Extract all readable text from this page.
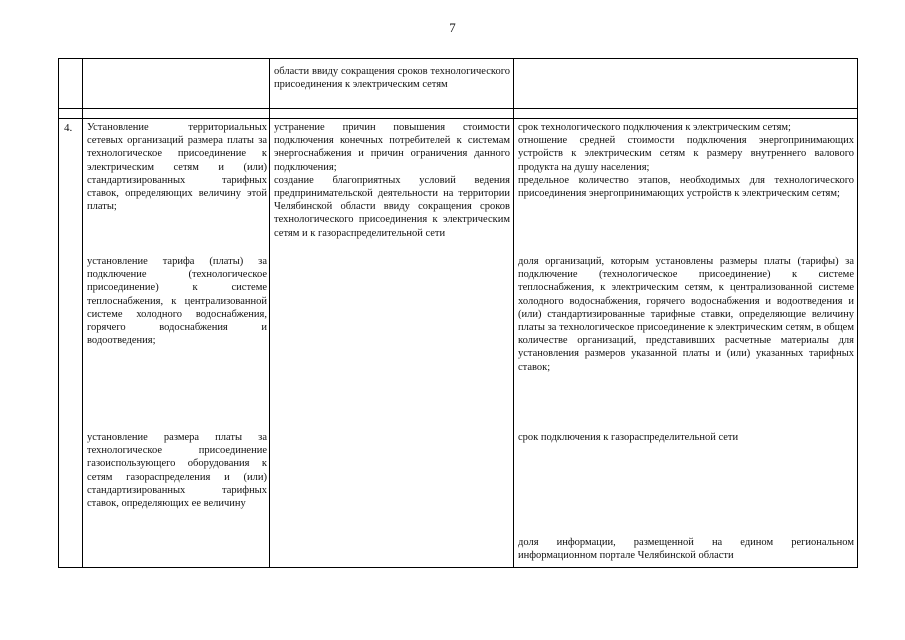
7

области ввиду сокращения сроков технологического присоединения к электрическим сетям

4. Установление территориальных сетевых организаций размера платы за технологическое присоединение к электрическим сетям и (или) стандартизированных тарифных ставок, определяющих величину этой платы;

установление тарифа (платы) за подключение (технологическое присоединение) к системе теплоснабжения, к централизованной системе холодного водоснабжения, горячего водоснабжения и водоотведения;

установление размера платы за технологическое присоединение газоиспользующего оборудования к сетям газораспределения и (или) стандартизированных тарифных ставок, определяющих ее величину

устранение причин повышения стоимости подключения конечных потребителей к системам энергоснабжения и причин ограничения данного подключения;

создание благоприятных условий ведения предпринимательской деятельности на территории Челябинской области ввиду сокращения сроков технологического присоединения к электрическим сетям и к газораспределительной сети

срок технологического подключения к электрическим сетям;

отношение средней стоимости подключения энергопринимающих устройств к электрическим сетям к размеру внутреннего валового продукта на душу населения;

предельное количество этапов, необходимых для технологического присоединения энергопринимающих устройств к электрическим сетям;

доля организаций, которым установлены размеры платы (тарифы) за подключение (технологическое присоединение) к системе теплоснабжения, к электрическим сетям, к централизованной системе холодного водоснабжения, горячего водоснабжения и водоотведения и (или) стандартизированные тарифные ставки, определяющие величину платы за технологическое присоединение к электрическим сетям, в общем количестве организаций, представивших расчетные материалы для установления размеров указанной платы и (или) указанных тарифных ставок;

срок подключения к газораспределительной сети

доля информации, размещенной на едином региональном информационном портале Челябинской области
